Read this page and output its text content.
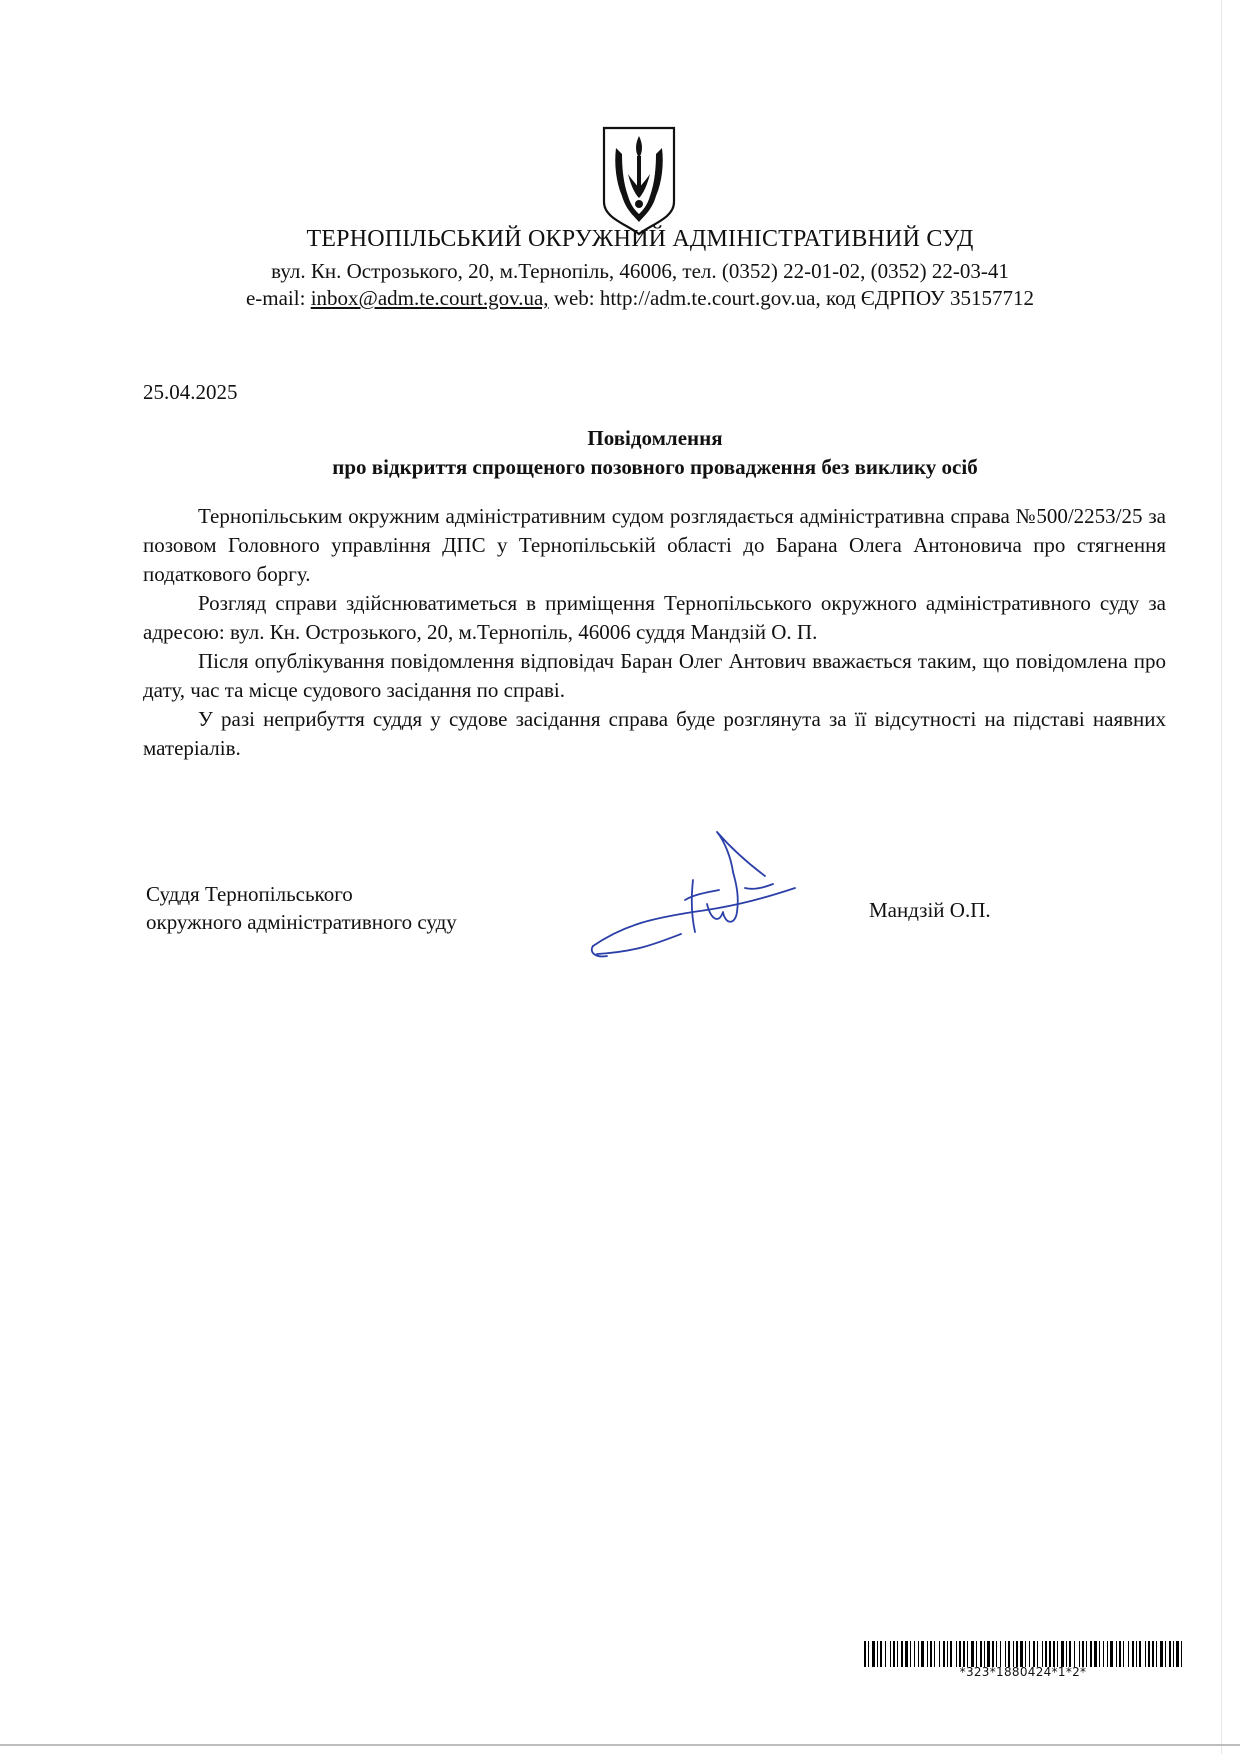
ТЕРНОПІЛЬСЬКИЙ ОКРУЖНИЙ АДМІНІСТРАТИВНИЙ СУД
вул. Кн. Острозького, 20, м.Тернопіль, 46006, тел. (0352) 22-01-02, (0352) 22-03-41
e-mail: inbox@adm.te.court.gov.ua, web: http://adm.te.court.gov.ua, код ЄДРПОУ 35157712
25.04.2025
Повідомлення
про відкриття спрощеного позовного провадження без виклику осіб

Тернопільським окружним адміністративним судом розглядається адміністративна справа №500/2253/25 за позовом Головного управління ДПС у Тернопільській області до Барана Олега Антоновича про стягнення податкового боргу.

Розгляд справи здійснюватиметься в приміщення Тернопільського окружного адміністративного суду за адресою: вул. Кн. Острозького, 20, м.Тернопіль, 46006 суддя Мандзій О. П.

Після опублікування повідомлення відповідач Баран Олег Антович вважається таким, що повідомлена про дату, час та місце судового засідання по справі.

У разі неприбуття суддя у судове засідання справа буде розглянута за її відсутності на підставі наявних матеріалів.

Суддя Тернопільського
окружного адміністративного суду	Мандзій О.П.
*323*1880424*1*2*
